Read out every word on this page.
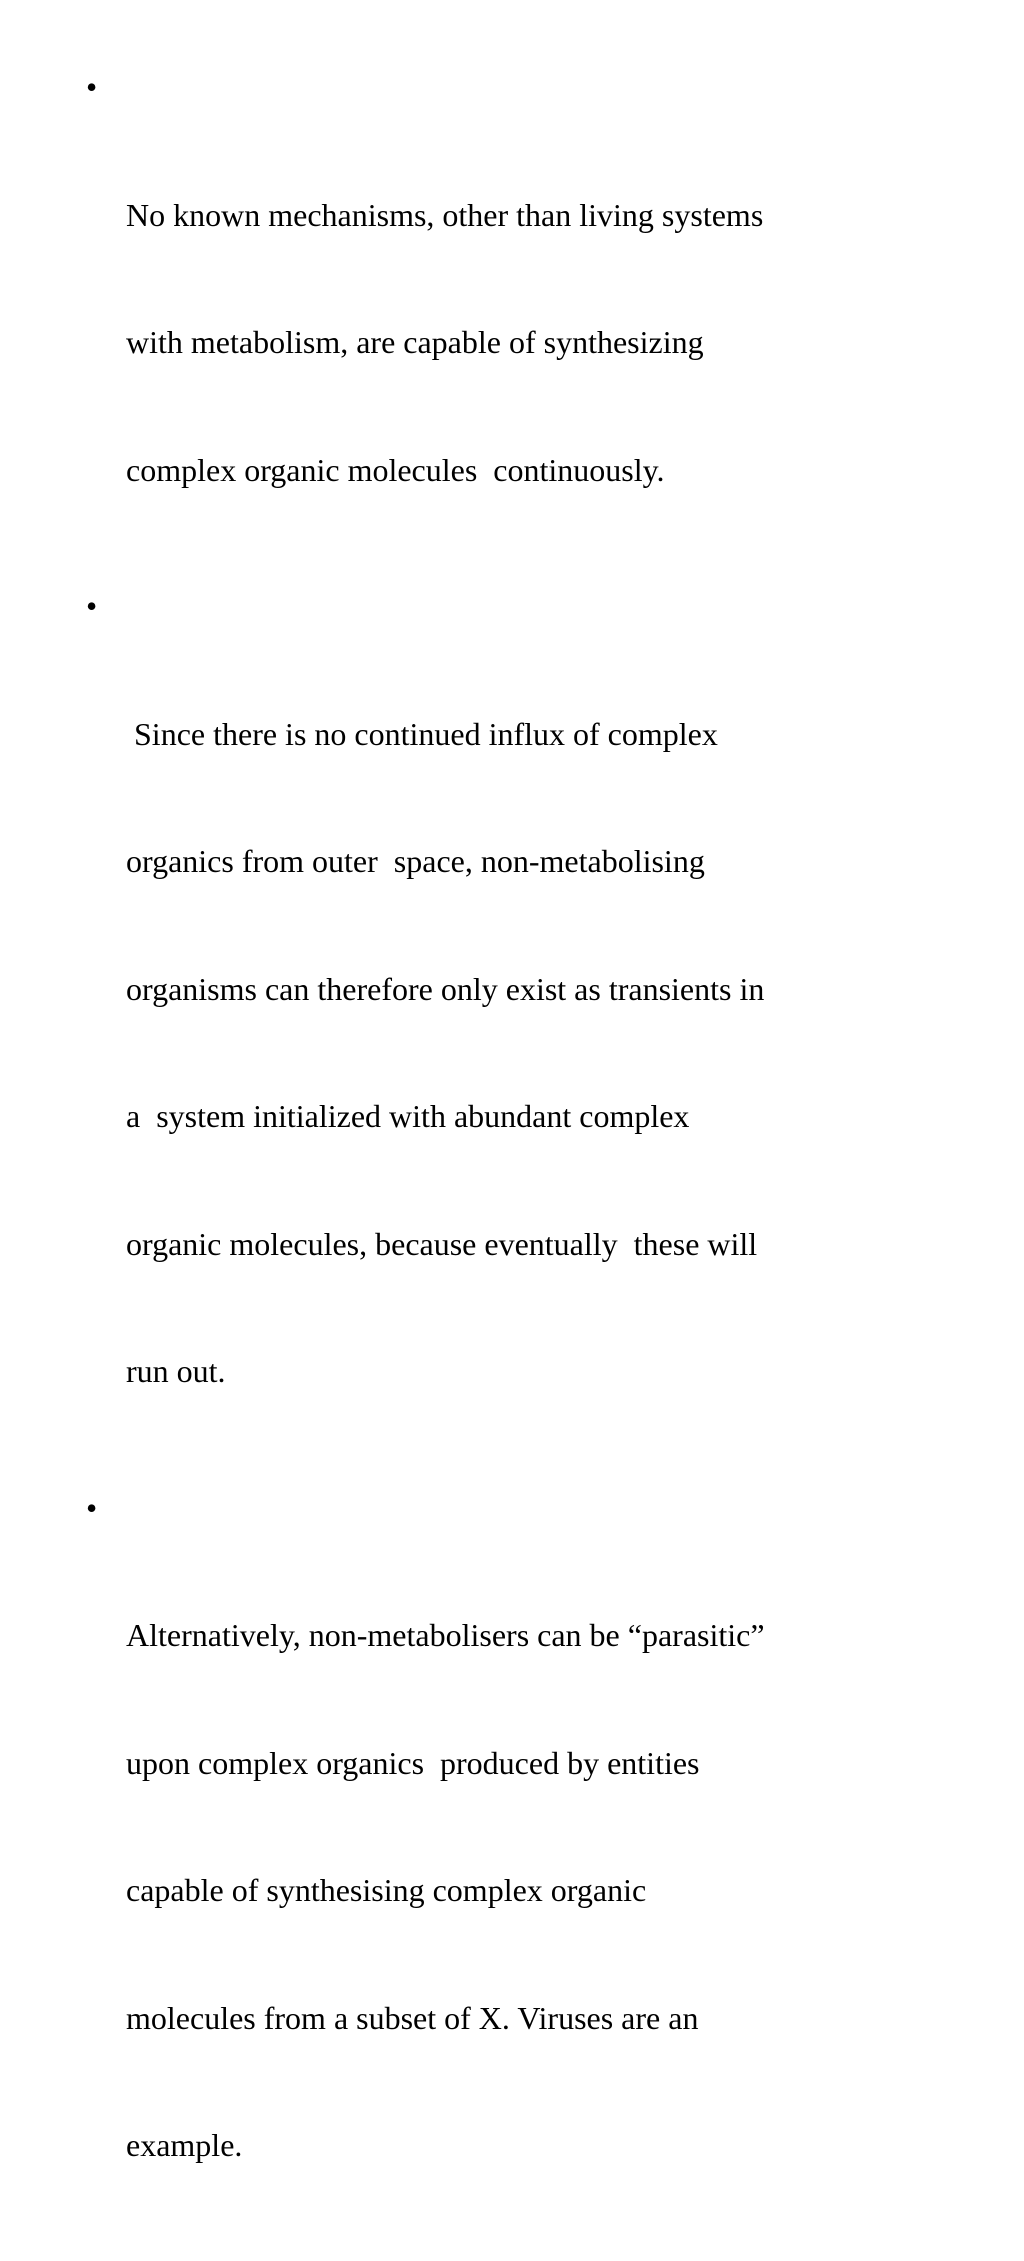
•

No known mechanisms, other than living systems

with metabolism, are capable of synthesizing

complex organic molecules  continuously.

•

Since there is no continued influx of complex

organics from outer  space, non-metabolising

organisms can therefore only exist as transients in

a  system initialized with abundant complex

organic molecules, because eventually  these will

run out.

•

Alternatively, non-metabolisers can be “parasitic”

upon complex organics  produced by entities

capable of synthesising complex organic

molecules from a subset of X. Viruses are an

example.
